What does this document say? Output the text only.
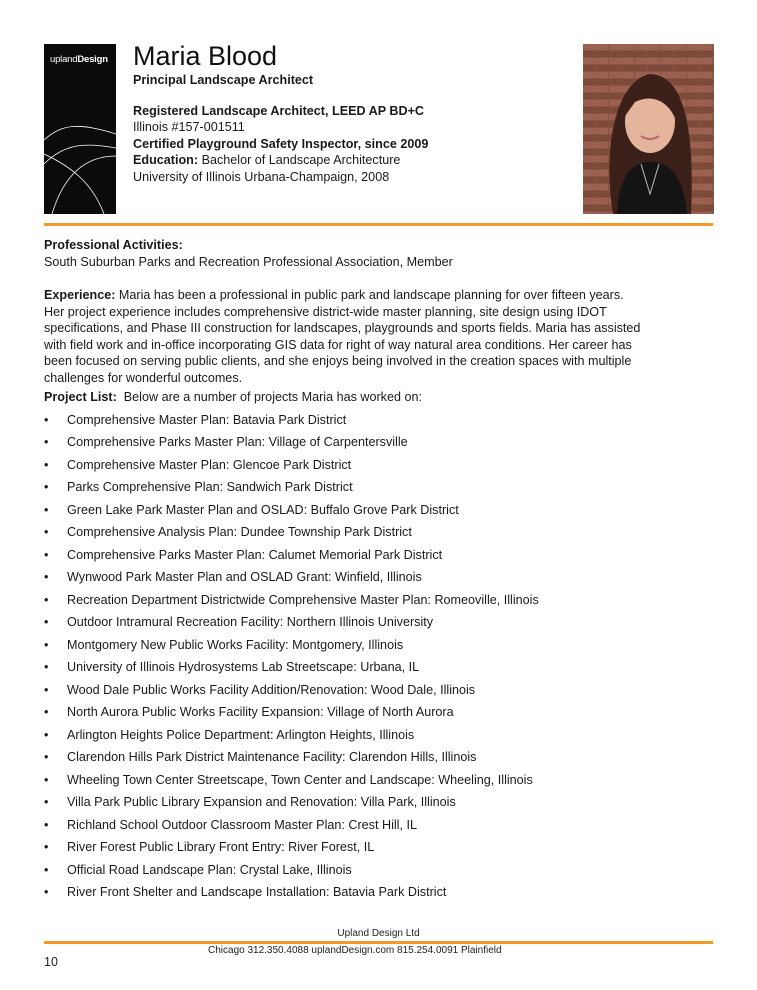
uplandDesign Maria Blood
Principal Landscape Architect
Registered Landscape Architect, LEED AP BD+C
Illinois #157-001511
Certified Playground Safety Inspector, since 2009
Education: Bachelor of Landscape Architecture
University of Illinois Urbana-Champaign, 2008
Professional Activities:
South Suburban Parks and Recreation Professional Association, Member
Experience: Maria has been a professional in public park and landscape planning for over fifteen years.
Her project experience includes comprehensive district-wide master planning, site design using IDOT
specifications, and Phase III construction for landscapes, playgrounds and sports fields. Maria has assisted
with field work and in-office incorporating GIS data for right of way natural area conditions. Her career has
been focused on serving public clients, and she enjoys being involved in the creation spaces with multiple
challenges for wonderful outcomes.
Project List: Below are a number of projects Maria has worked on:
• Comprehensive Master Plan: Batavia Park District
• Comprehensive Parks Master Plan: Village of Carpentersville
• Comprehensive Master Plan: Glencoe Park District
• Parks Comprehensive Plan: Sandwich Park District
• Green Lake Park Master Plan and OSLAD: Buffalo Grove Park District
• Comprehensive Analysis Plan: Dundee Township Park District
• Comprehensive Parks Master Plan: Calumet Memorial Park District
• Wynwood Park Master Plan and OSLAD Grant: Winfield, Illinois
• Recreation Department Districtwide Comprehensive Master Plan: Romeoville, Illinois
• Outdoor Intramural Recreation Facility: Northern Illinois University
• Montgomery New Public Works Facility: Montgomery, Illinois
• University of Illinois Hydrosystems Lab Streetscape: Urbana, IL
• Wood Dale Public Works Facility Addition/Renovation: Wood Dale, Illinois
• North Aurora Public Works Facility Expansion: Village of North Aurora
• Arlington Heights Police Department: Arlington Heights, Illinois
• Clarendon Hills Park District Maintenance Facility: Clarendon Hills, Illinois
• Wheeling Town Center Streetscape, Town Center and Landscape: Wheeling, Illinois
• Villa Park Public Library Expansion and Renovation: Villa Park, Illinois
• Richland School Outdoor Classroom Master Plan: Crest Hill, IL
• River Forest Public Library Front Entry: River Forest, IL
• Official Road Landscape Plan: Crystal Lake, Illinois
• River Front Shelter and Landscape Installation: Batavia Park District
Upland Design Ltd
Chicago 312.350.4088 uplandDesign.com 815.254.0091 Plainfield
10
